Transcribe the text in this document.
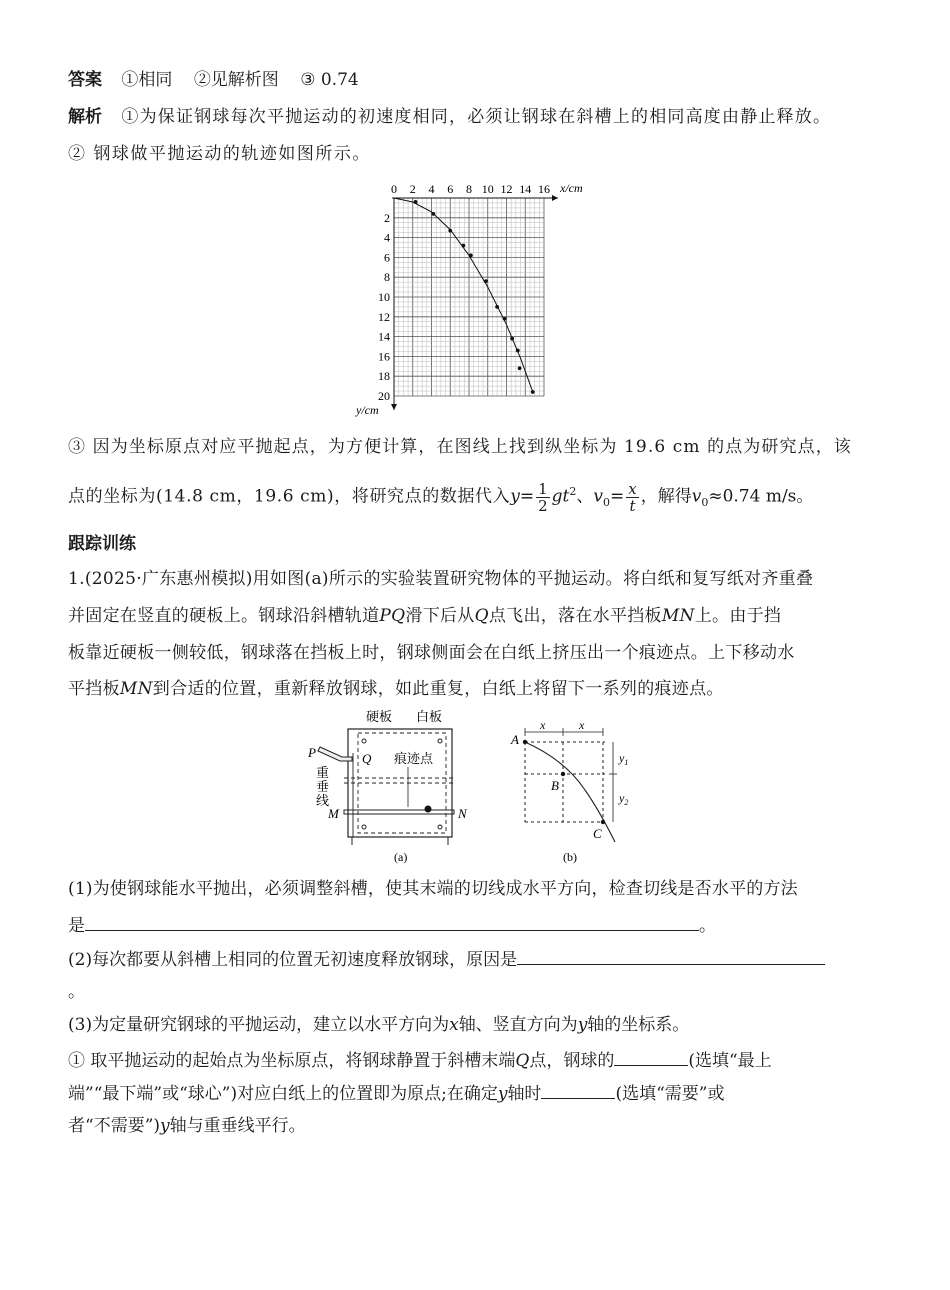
答案 ①相同 ②见解析图 ③ 0.74
解析 ①为保证钢球每次平抛运动的初速度相同，必须让钢球在斜槽上的相同高度由静止释放。
② 钢球做平抛运动的轨迹如图所示。
0 2 4 6 8 10 12 14 16
2
4
6
8
10
12
14
16
18
20
x/cm
y/cm
③ 因为坐标原点对应平抛起点，为方便计算，在图线上找到纵坐标为 19.6 cm 的点为研究点，该
点的坐标为(14.8 cm，19.6 cm)，将研究点的数据代入$y= \frac{1}{2} gt^2$、$v_0= \frac{x}{t}$ ，解得$v_0\approx 0.74$ m/s。
跟踪训练
1.(2025·广东惠州模拟)用如图(a)所示的实验装置研究物体的平抛运动。将白纸和复写纸对齐重叠
并固定在竖直的硬板上。钢球沿斜槽轨道PQ滑下后从Q点飞出，落在水平挡板MN上。由于挡
板靠近硬板一侧较低，钢球落在挡板上时，钢球侧面会在白纸上挤压出一个痕迹点。上下移动水
平挡板MN到合适的位置，重新释放钢球，如此重复，白纸上将留下一系列的痕迹点。
硬板 白板
P	Q 痕迹点
重
垂
线
M	N
(a)
A
B
C
x	x
$y_1$
$y_2$
(b)
(1)为使钢球能水平抛出，必须调整斜槽，使其末端的切线成水平方向，检查切线是否水平的方法
是	。
(2)每次都要从斜槽上相同的位置无初速度释放钢球，原因是
。
(3)为定量研究钢球的平抛运动，建立以水平方向为x轴、竖直方向为y轴的坐标系。
① 取平抛运动的起始点为坐标原点，将钢球静置于斜槽末端Q点，钢球的	(选填“最上
端”“最下端”或“球心”)对应白纸上的位置即为原点;在确定y轴时	(选填“需要”或
者“不需要”)y轴与重垂线平行。
